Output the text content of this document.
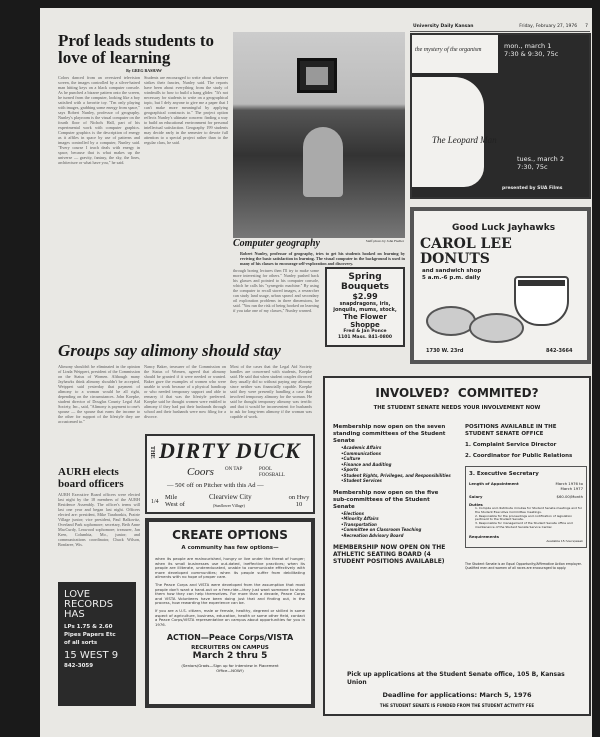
University Daily Kansan	Friday, February 27, 1976 7
Prof leads students to love of learning
By GREG BASHAW
Colors danced from an oversized television screen, the images controlled by a silver-haired man hitting keys on a black computer console. As he punched a bizarre pattern onto the screen, he turned from the computer, looking like a boy satisfied with a favorite toy. "I'm only playing with images, grabbing some energy from space," says Robert Nunley, professor of geography. Nunley's playroom is the visual computer on the fourth floor of Nichols Hall, part of his experimental work with computer graphics. Computer graphics is the description of energy as it affiles in space by use of patterns and images controlled by a computer, Nunley said. "Every course I teach deals with energy in space, because that is what makes up the universe — gravity, fantasy, the sky, the lines, architecture or what have you," he said.
Students are encouraged to write about whatever strikes their fancies, Nunley said. The reports have been about everything from the study of windmills to how to build a hang glider. "It's not necessary for students to write on a geographical topic, but I defy anyone to give me a paper that I can't make more meaningful by applying geographical constructs to." The project option reflects Nunley's ultimate concern: finding a way to build an educational environment for personal intellectual satisfaction. Geography 199 students may decide early in the semester to devote full attention to a special project rather than to the regular class, he said.
Staff photo by John Fiedler
Computer geography
Robert Nunley, professor of geography, tries to get his students hooked on learning by reviving the basic satisfaction in learning. The visual computer in the background is used in many of his classes to encourage self-exploration and discovery.
through boring lectures then I'll try to make some more interesting for others." Nunley pushed back his glasses and pointed to his computer console, which he calls his "synergetic machine." By using the computer to recall stored images, a researcher can study land usage, urban sprawl and secondary oil exploration problems in three dimensions, he said. "You run the risk of being hooked on learning if you take one of my classes," Nunley warned.
Spring
Bouquets
$2.99
snapdragons, iris, jonquils, mums, stock,
The Flower
Shoppe
Fred & Jan Ponce
1101 Mass. 841-0800
the mystery of the organism	mon., march 1
7:30 & 9:30, 75c
The Leopard Man
tues., march 2
7:30, 75c
presented by SUA Films
Good Luck Jayhawks
CAROL LEE
DONUTS
and sandwich shop
5 a.m.-6 p.m. daily
1730 W. 23rd	842-3664
Groups say alimony should stay
Alimony shouldn't be eliminated in the opinion of Linda Weippert, president of the Commission on the Status of Women. Although many Jayhawks think alimony shouldn't be accepted, Weippert said yesterday that payment of alimony to a woman would be all right, depending on the circumstances. John Koepke, student director of Douglas County Legal Aid Society, Inc., said, "Alimony is payment to one's spouse — the spouse that earns the income to the other for support of the lifestyle they are accustomed to."
Nancy Baker, treasurer of the Commission on the Status of Women, agreed that alimony should be granted if it were needed or wanted. Baker gave the examples of women who were unable to work because of a physical handicap or who needed temporary support and able to remarry if that was the lifestyle preferred. Koepke said he thought women were entitled to alimony if they had put their husbands through school and their husbands were now filing for a divorce.
Most of the cases that the Legal Aid Society handles are concerned with students, Koepke said. He said that when student couples divorced they usually did so without paying any alimony since neither was financially capable. Koepke said they were presently handling a case that involved temporary alimony for the woman. He said he thought temporary alimony was terrific and that it would be inconvenient for husbands to ask for long-term alimony if the woman was capable of work.
AURH elects board officers
AURH Executive Board officers were elected last night by the 18 members of the AURH Residence Assembly. The officer's terms will last one year and began last night. Officers elected are: president, Mike Tarabonkis, Prairie Village junior; vice president, Paul Balkovitz, Overland Park sophomore; secretary, Beth Anne MacCurdy, Leawood sophomore; treasurer, Jan Kren, Columbia, Mo., junior; and communications coordinator, Chuck Wilson, Bonfaree, Wis.
LOVE
RECORDS
HAS
LPs 1.75 & 2.60
Pipes Papers Etc
of all sorts
15 WEST 9
842-3059
THE DIRTY DUCK
Coors ON TAP	POOL FOOSBALL
— 50¢ off on Pitcher with this Ad —
1/4
Mile West of
Clearview City
(Sunflower Village)
on Hwy 10
CREATE OPTIONS
A community has few options—
when its people are malnourished, hungry or live under the threat of hunger; when its small businesses use out-dated, ineffective practices; when its people are illiterate, undereducated, unable to communicate effectively with more developed communities; when its people suffer from debilitating ailments with no hope of proper care.
The Peace Corps and VISTA were developed from the assumption that most people don't want a hand-out or a free-ride—they just want someone to show them how they can help themselves. For more than a decade, Peace Corps and VISTA Volunteers have been doing just that and finding out, in the process, how rewarding the experience can be.
If you are a U.S. citizen, male or female, healthy, degreed or skilled in some aspect of agriculture, business, education, health or some other field, contact a Peace Corps/VISTA representative on campus about opportunities for you in 1976.
ACTION—Peace Corps/VISTA
RECRUITERS ON CAMPUS
March 2 thru 5
(Seniors/Grads—Sign up for interview in Placement Office—NOW!)
INVOLVED?  COMMITED?
THE STUDENT SENATE NEEDS YOUR INVOLVEMENT NOW
Membership now open on the seven standing committees of the Student Senate
•Academic Affairs
•Communications
•Culture
•Finance and Auditing
•Sports
•Student Rights, Privileges, and Responsibilities
•Student Services
Membership now open on the five sub-committees of the Student Senate
•Elections
•Minority Affairs
•Transportation
•Committee on Classroom Teaching
•Recreation Advisory Board
MEMBERSHIP NOW OPEN ON THE ATHLETIC SEATING BOARD (4 STUDENT POSITIONS AVAILABLE)
POSITIONS AVAILABLE IN THE STUDENT SENATE OFFICE
1. Complaint Service Director
2. Coordinator for Public Relations
3. Executive Secretary
Length of Appointment	March 1976 to March 1977
Salary	$60.00/Month
Duties
1. Compile and distribute minutes for Student Senate meetings and for the Student Executive Committee meetings.
2. Responsible for the proceedings and codification of legislation pertinent to the Student Senate.
3. Responsible for management of the Student Senate office and maintenance of the Student Senate Service Center.
Requirements
Available 15 hours/week
The Student Senate is an Equal Opportunity/Affirmative Action employer. Qualified men and women of all races are encouraged to apply.
Pick up applications at the Student Senate office, 105 B, Kansas Union
Deadline for applications: March 5, 1976
THE STUDENT SENATE IS FUNDED FROM THE STUDENT ACTIVITY FEE
